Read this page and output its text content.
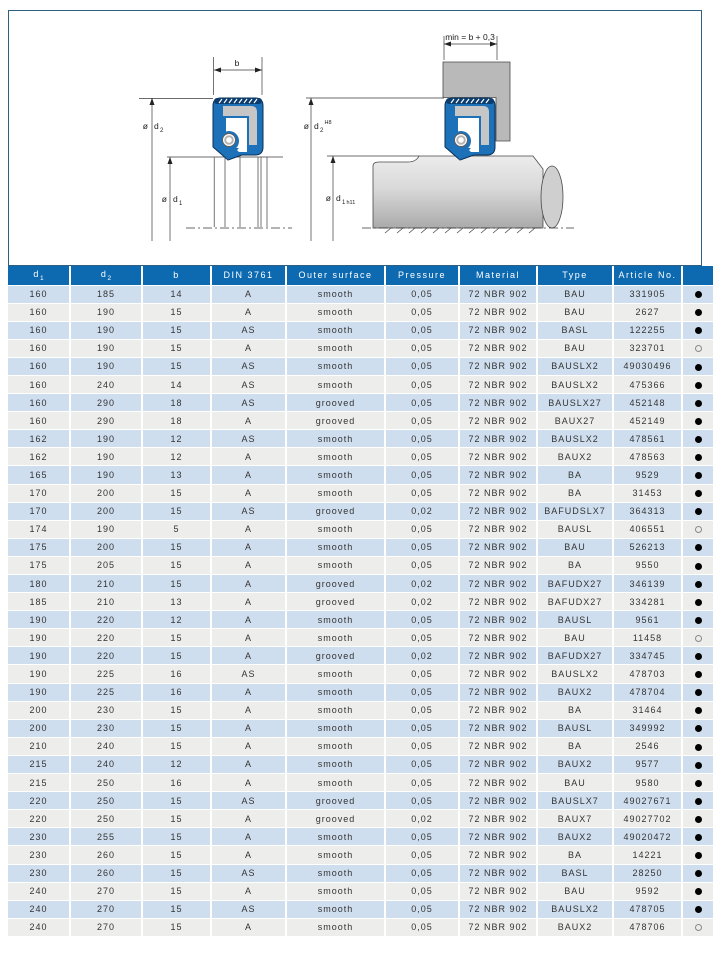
b
ø d 2
ø d 1
min = b + 0,3
ø d 2
H8
ø d 1 h11
$d_1$	$d_2$	b	DIN 3761	Outer surface	Pressure	Material	Type	Article No.	
160	185	14	A	smooth	0,05	72 NBR 902	BAU	331905	
160	190	15	A	smooth	0,05	72 NBR 902	BAU	2627	
160	190	15	AS	smooth	0,05	72 NBR 902	BASL	122255	
160	190	15	A	smooth	0,05	72 NBR 902	BAU	323701	
160	190	15	AS	smooth	0,05	72 NBR 902	BAUSLX2	49030496	
160	240	14	AS	smooth	0,05	72 NBR 902	BAUSLX2	475366	
160	290	18	AS	grooved	0,05	72 NBR 902	BAUSLX27	452148	
160	290	18	A	grooved	0,05	72 NBR 902	BAUX27	452149	
162	190	12	AS	smooth	0,05	72 NBR 902	BAUSLX2	478561	
162	190	12	A	smooth	0,05	72 NBR 902	BAUX2	478563	
165	190	13	A	smooth	0,05	72 NBR 902	BA	9529	
170	200	15	A	smooth	0,05	72 NBR 902	BA	31453	
170	200	15	AS	grooved	0,02	72 NBR 902	BAFUDSLX7	364313	
174	190	5	A	smooth	0,05	72 NBR 902	BAUSL	406551	
175	200	15	A	smooth	0,05	72 NBR 902	BAU	526213	
175	205	15	A	smooth	0,05	72 NBR 902	BA	9550	
180	210	15	A	grooved	0,02	72 NBR 902	BAFUDX27	346139	
185	210	13	A	grooved	0,02	72 NBR 902	BAFUDX27	334281	
190	220	12	A	smooth	0,05	72 NBR 902	BAUSL	9561	
190	220	15	A	smooth	0,05	72 NBR 902	BAU	11458	
190	220	15	A	grooved	0,02	72 NBR 902	BAFUDX27	334745	
190	225	16	AS	smooth	0,05	72 NBR 902	BAUSLX2	478703	
190	225	16	A	smooth	0,05	72 NBR 902	BAUX2	478704	
200	230	15	A	smooth	0,05	72 NBR 902	BA	31464	
200	230	15	A	smooth	0,05	72 NBR 902	BAUSL	349992	
210	240	15	A	smooth	0,05	72 NBR 902	BA	2546	
215	240	12	A	smooth	0,05	72 NBR 902	BAUX2	9577	
215	250	16	A	smooth	0,05	72 NBR 902	BAU	9580	
220	250	15	AS	grooved	0,05	72 NBR 902	BAUSLX7	49027671	
220	250	15	A	grooved	0,02	72 NBR 902	BAUX7	49027702	
230	255	15	A	smooth	0,05	72 NBR 902	BAUX2	49020472	
230	260	15	A	smooth	0,05	72 NBR 902	BA	14221	
230	260	15	AS	smooth	0,05	72 NBR 902	BASL	28250	
240	270	15	A	smooth	0,05	72 NBR 902	BAU	9592	
240	270	15	AS	smooth	0,05	72 NBR 902	BAUSLX2	478705	
240	270	15	A	smooth	0,05	72 NBR 902	BAUX2	478706	
